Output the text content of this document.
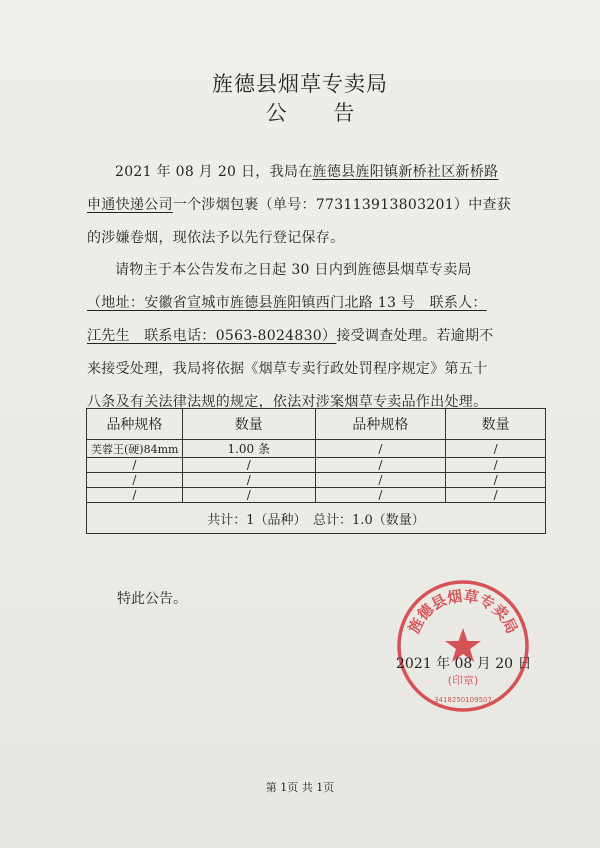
旌德县烟草专卖局
公 告
2021 年 08 月 20 日，我局在旌德县旌阳镇新桥社区新桥路
申通快递公司一个涉烟包裹（单号：773113913803201）中查获
的涉嫌卷烟，现依法予以先行登记保存。
请物主于本公告发布之日起 30 日内到旌德县烟草专卖局
（地址：安徽省宣城市旌德县旌阳镇西门北路 13 号　联系人：
江先生　联系电话：0563-8024830）接受调查处理。若逾期不
来接受处理，我局将依据《烟草专卖行政处罚程序规定》第五十
八条及有关法律法规的规定，依法对涉案烟草专卖品作出处理。
品种规格	数量	品种规格	数量
芙蓉王(硬)84mm	1.00 条	/	/
/	/	/	/
/	/	/	/
/	/	/	/
共计：1（品种）　总计：1.0（数量）			
特此公告。
旌德县烟草专卖局
(印章)
3418250109507
2021 年 08 月 20 日
第 1页 共 1页
